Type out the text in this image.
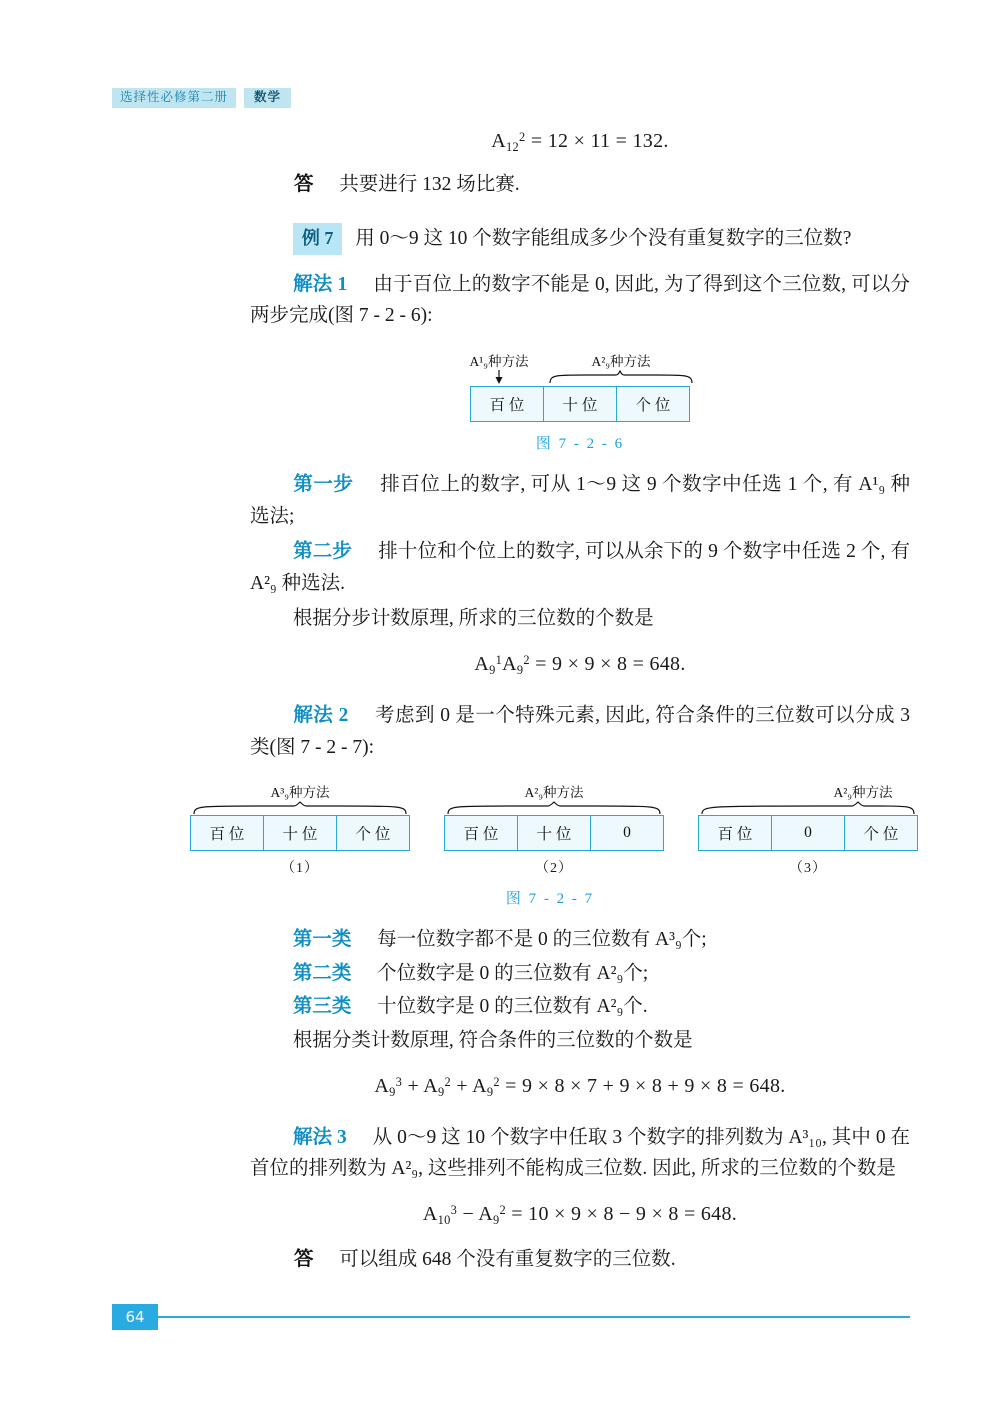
选择性必修第二册	数学
$A_{12}^2 = 12 \times 11 = 132$.
答 共要进行 132 场比赛.
例 7 用 0～9 这 10 个数字能组成多少个没有重复数字的三位数?
解法 1 由于百位上的数字不能是 0, 因此, 为了得到这个三位数, 可以分两步完成(图 7 - 2 - 6):
A¹₉种方法	A²₉种方法
百 位	十 位	个 位
图 7 - 2 - 6
第一步 排百位上的数字, 可从 1～9 这 9 个数字中任选 1 个, 有 A¹₉ 种选法;
第二步 排十位和个位上的数字, 可以从余下的 9 个数字中任选 2 个, 有 A²₉ 种选法.
根据分步计数原理, 所求的三位数的个数是
$A_9^1A_9^2 = 9 \times 9 \times 8 = 648$.
解法 2 考虑到 0 是一个特殊元素, 因此, 符合条件的三位数可以分成 3 类(图 7 - 2 - 7):
A³₉种方法
百 位	十 位	个 位
（1）
A²₉种方法
百 位	十 位	0
（2）
A²₉种方法
百 位	0	个 位
（3）
图 7 - 2 - 7
第一类 每一位数字都不是 0 的三位数有 A³₉个;
第二类 个位数字是 0 的三位数有 A²₉个;
第三类 十位数字是 0 的三位数有 A²₉个.
根据分类计数原理, 符合条件的三位数的个数是
$A_9^3 + A_9^2 + A_9^2 = 9 \times 8 \times 7 + 9 \times 8 + 9 \times 8 = 648$.
解法 3 从 0～9 这 10 个数字中任取 3 个数字的排列数为 A³₁₀, 其中 0 在首位的排列数为 A²₉, 这些排列不能构成三位数. 因此, 所求的三位数的个数是
$A_{10}^3 - A_9^2 = 10 \times 9 \times 8 - 9 \times 8 = 648$.
答 可以组成 648 个没有重复数字的三位数.
64
